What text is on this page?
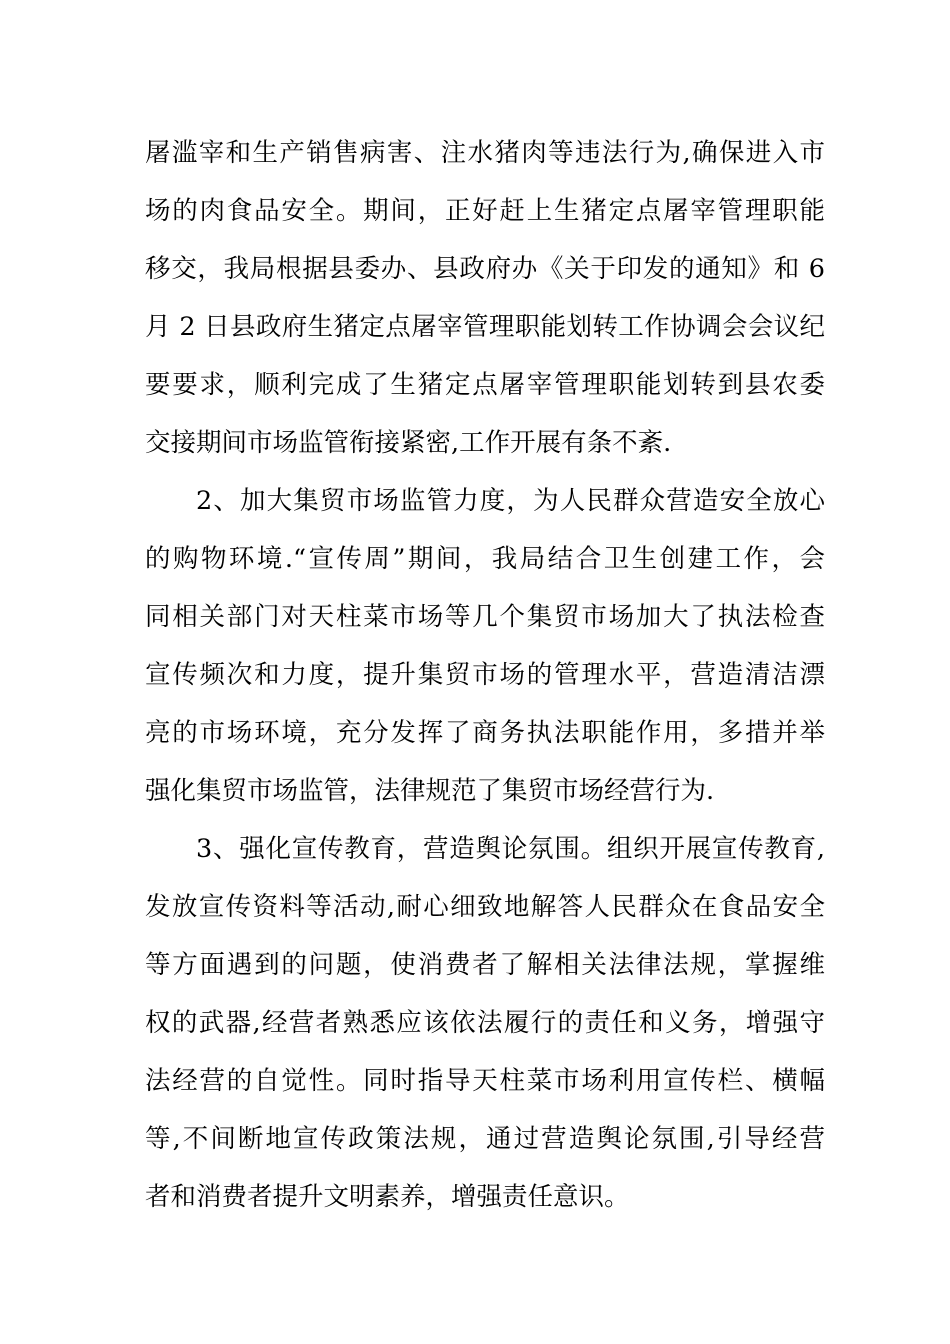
屠滥宰和生产销售病害、注水猪肉等违法行为,确保进入市
场的肉食品安全。期间，正好赶上生猪定点屠宰管理职能
移交，我局根据县委办、县政府办《关于印发的通知》和 6
月 2 日县政府生猪定点屠宰管理职能划转工作协调会会议纪
要要求，顺利完成了生猪定点屠宰管理职能划转到县农委
交接期间市场监管衔接紧密,工作开展有条不紊.
2、加大集贸市场监管力度，为人民群众营造安全放心
的购物环境.“宣传周”期间，我局结合卫生创建工作，会
同相关部门对天柱菜市场等几个集贸市场加大了执法检查
宣传频次和力度，提升集贸市场的管理水平，营造清洁漂
亮的市场环境，充分发挥了商务执法职能作用，多措并举
强化集贸市场监管，法律规范了集贸市场经营行为.
3、强化宣传教育，营造舆论氛围。组织开展宣传教育,
发放宣传资料等活动,耐心细致地解答人民群众在食品安全
等方面遇到的问题，使消费者了解相关法律法规，掌握维
权的武器,经营者熟悉应该依法履行的责任和义务，增强守
法经营的自觉性。同时指导天柱菜市场利用宣传栏、横幅
等,不间断地宣传政策法规，通过营造舆论氛围,引导经营
者和消费者提升文明素养，增强责任意识。
